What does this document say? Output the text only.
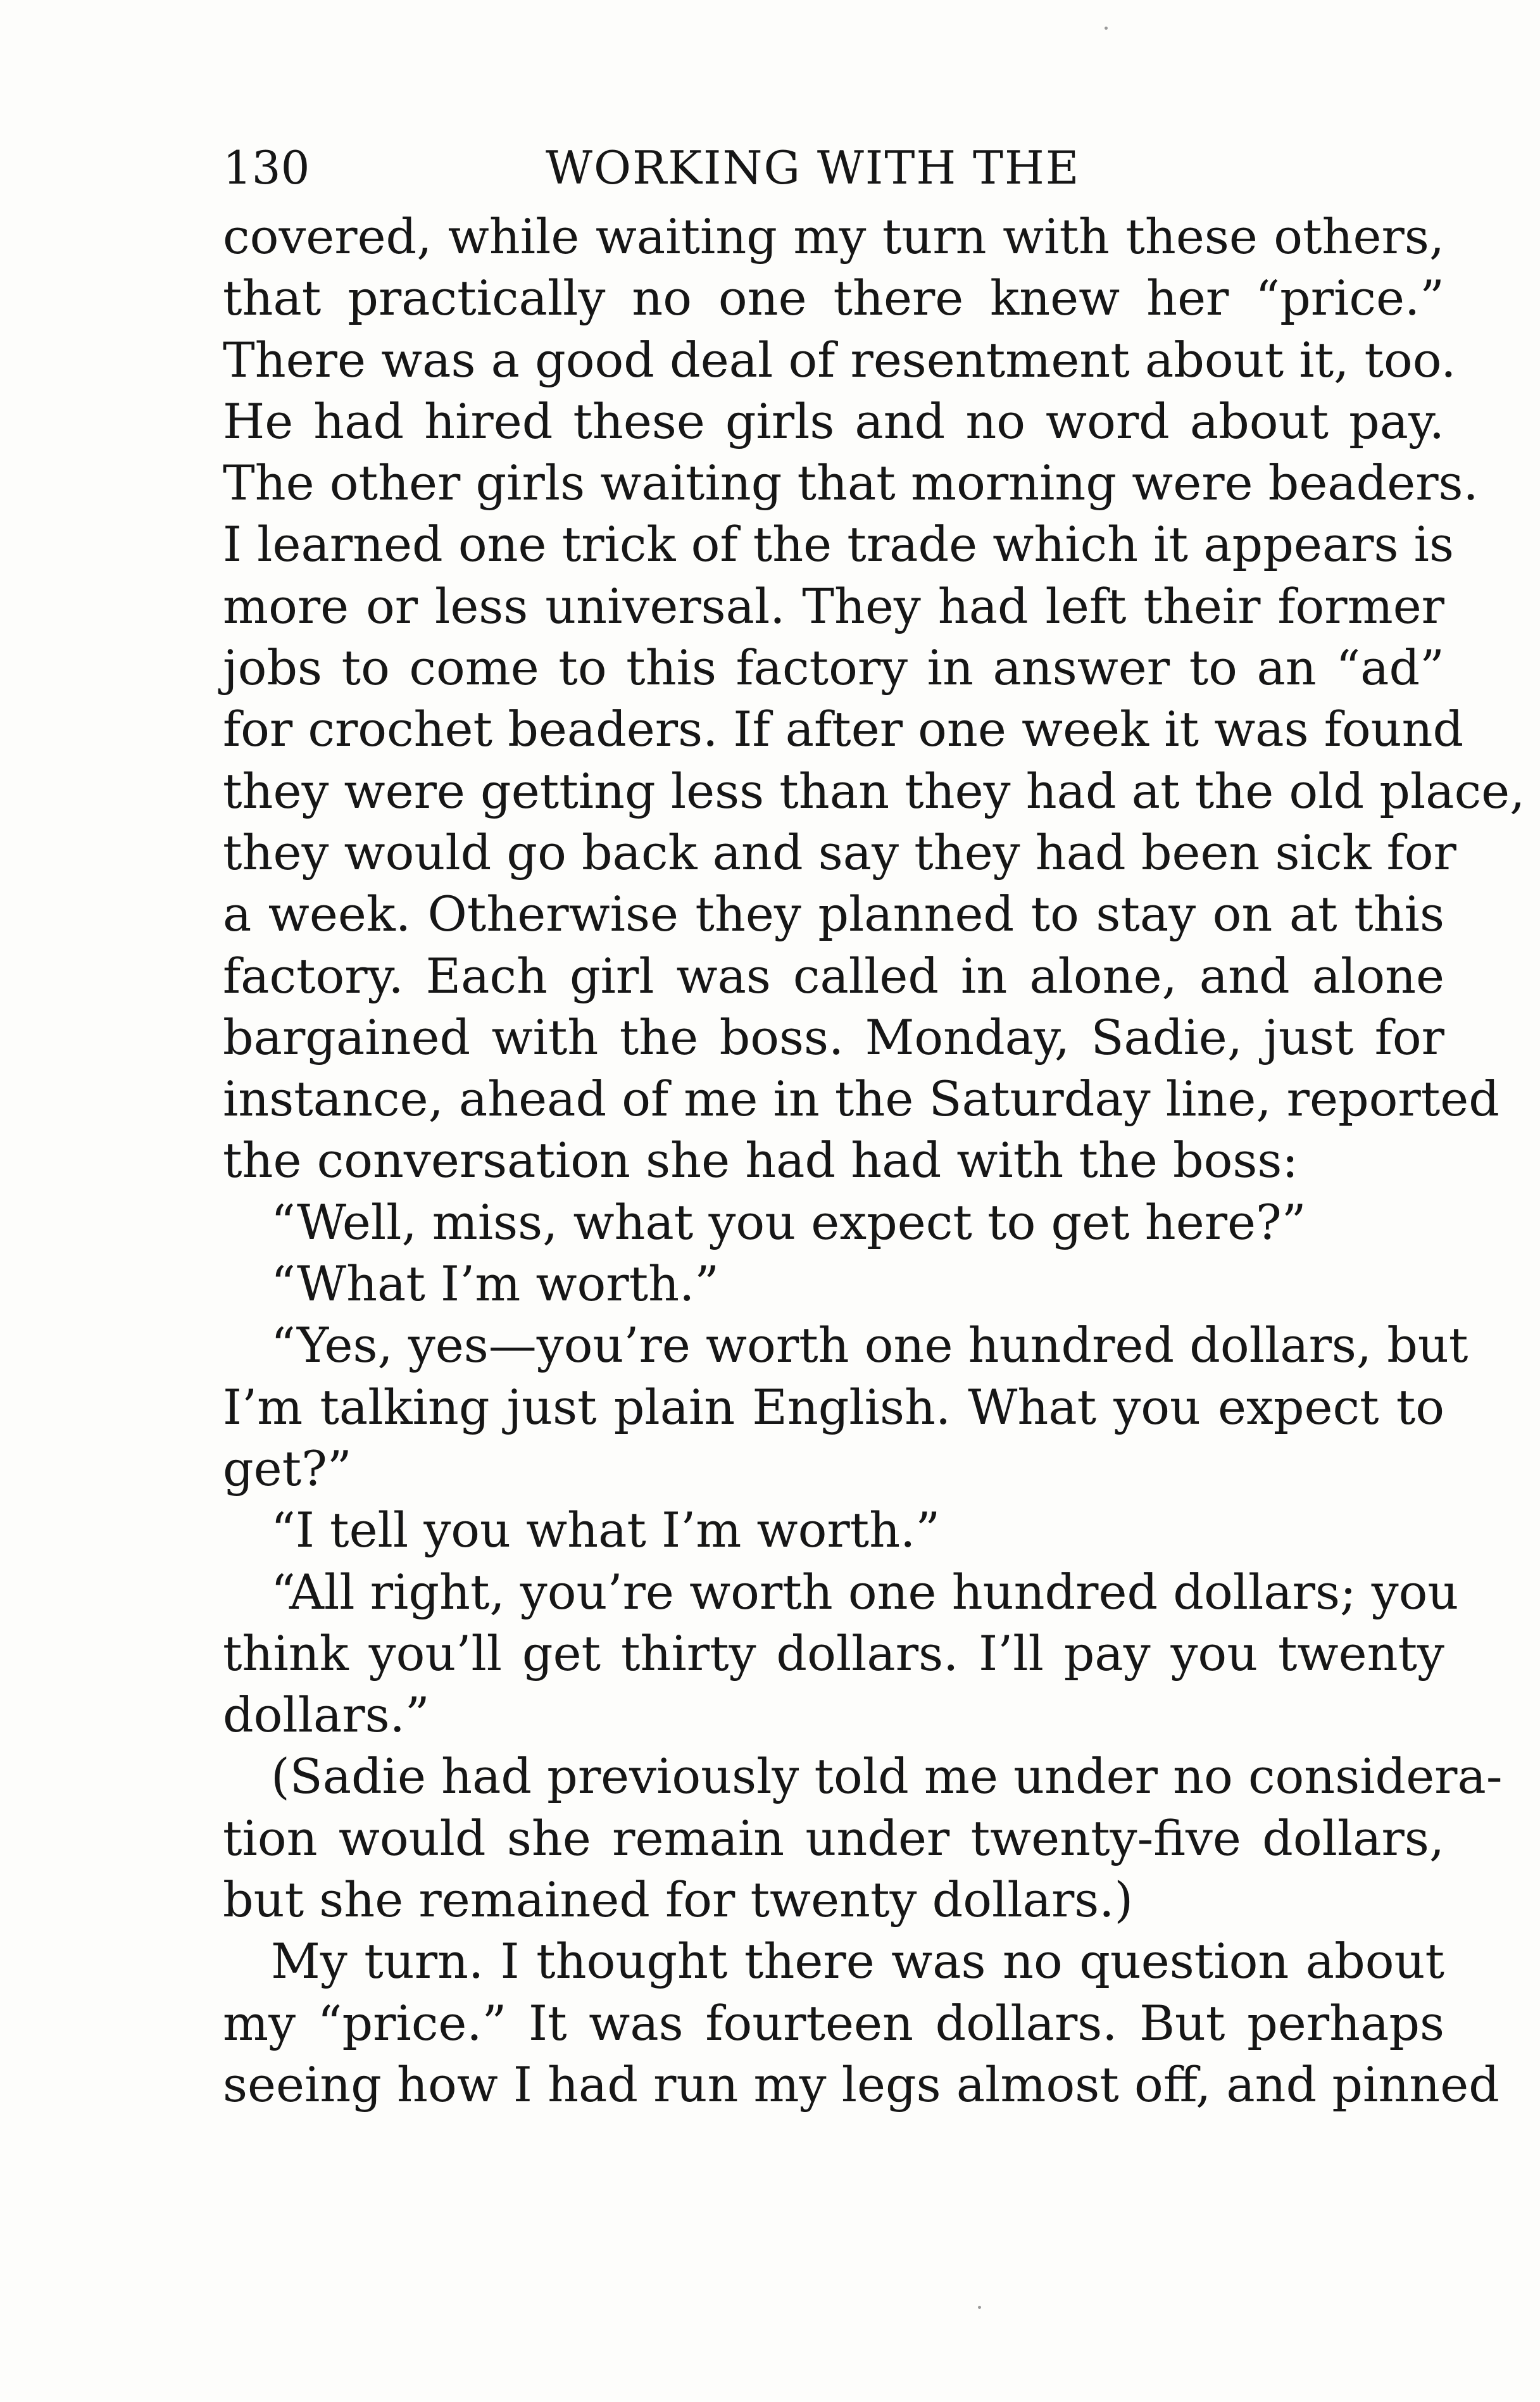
130	WORKING WITH THE
covered, while waiting my turn with these others,
that practically no one there knew her “price.”
There was a good deal of resentment about it, too.
He had hired these girls and no word about pay.
The other girls waiting that morning were beaders.
I learned one trick of the trade which it appears is
more or less universal. They had left their former
jobs to come to this factory in answer to an “ad”
for crochet beaders. If after one week it was found
they were getting less than they had at the old place,
they would go back and say they had been sick for
a week. Otherwise they planned to stay on at this
factory. Each girl was called in alone, and alone
bargained with the boss. Monday, Sadie, just for
instance, ahead of me in the Saturday line, reported
the conversation she had had with the boss:
“Well, miss, what you expect to get here?”
“What I’m worth.”
“Yes, yes—you’re worth one hundred dollars, but
I’m talking just plain English. What you expect to
get?”
“I tell you what I’m worth.”
“All right, you’re worth one hundred dollars; you
think you’ll get thirty dollars. I’ll pay you twenty
dollars.”
(Sadie had previously told me under no considera-
tion would she remain under twenty-five dollars,
but she remained for twenty dollars.)
My turn. I thought there was no question about
my “price.” It was fourteen dollars. But perhaps
seeing how I had run my legs almost off, and pinned
